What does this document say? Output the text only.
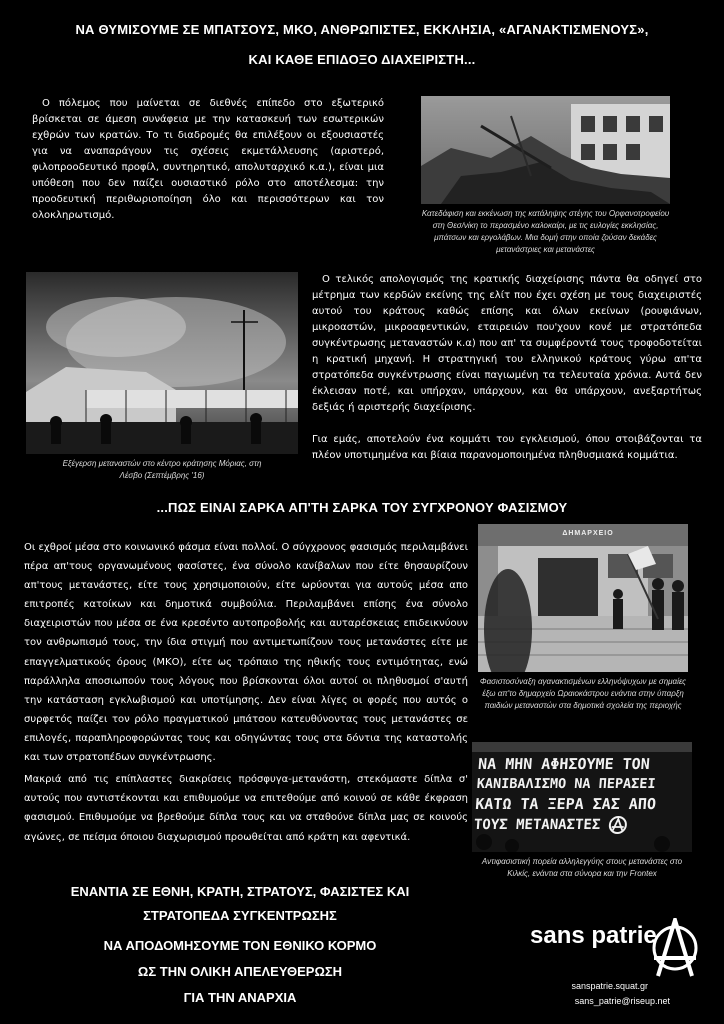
ΝΑ ΘΥΜΙΣΟΥΜΕ ΣΕ ΜΠΑΤΣΟΥΣ, ΜΚΟ, ΑΝΘΡΩΠΙΣΤΕΣ, ΕΚΚΛΗΣΙΑ, «ΑΓΑΝΑΚΤΙΣΜΕΝΟΥΣ»,
ΚΑΙ ΚΑΘΕ ΕΠΙΔΟΞΟ ΔΙΑΧΕΙΡΙΣΤΗ...
Ο πόλεμος που μαίνεται σε διεθνές επίπεδο στο εξωτερικό βρίσκεται σε άμεση συνάφεια με την κατασκευή των εσωτερικών εχθρών των κρατών. Το τι διαδρομές θα επιλέξουν οι εξουσιαστές για να αναπαράγουν τις σχέσεις εκμετάλλευσης (αριστερό, φιλοπροοδευτικό προφίλ, συντηρητικό, απολυταρχικό κ.α.), είναι μια υπόθεση που δεν παίζει ουσιαστικό ρόλο στο αποτέλεσμα: την προοδευτική περιθωριοποίηση όλο και περισσότερων και τον ολοκληρωτισμό.	Κατεδάφιση και εκκένωση της κατάληψης στέγης του Ορφανοτροφείου στη Θεσ/νίκη το περασμένο καλοκαίρι, με τις ευλογίες εκκλησίας, μπάτσων και εργολάβων. Μια δομή στην οποία ζούσαν δεκάδες μετανάστριες και μετανάστες
Εξέγερση μεταναστών στο κέντρο κράτησης Μόριας, στη
Λέσβο (Σεπτέμβρης '16)
Ο τελικός απολογισμός της κρατικής διαχείρισης πάντα θα οδηγεί στο μέτρημα των κερδών εκείνης της ελίτ που έχει σχέση με τους διαχειριστές αυτού του κράτους καθώς επίσης και όλων εκείνων (ρουφιάνων, μικροαστών, μικροαφεντικών, εταιρειών που'χουν κονέ με στρατόπεδα συγκέντρωσης μεταναστών κ.α) που απ' τα συμφέροντά τους τροφοδοτείται η κρατική μηχανή. Η στρατηγική του ελληνικού κράτους γύρω απ'τα στρατόπεδα συγκέντρωσης είναι παγιωμένη τα τελευταία χρόνια. Αυτά δεν έκλεισαν ποτέ, και υπήρχαν, υπάρχουν, και θα υπάρχουν, ανεξαρτήτως δεξιάς ή αριστερής διαχείρισης.
Για εμάς, αποτελούν ένα κομμάτι του εγκλεισμού, όπου στοιβάζονται τα πλέον υποτιμημένα και βίαια παρανομοποιημένα πληθυσμιακά κομμάτια.
...ΠΩΣ ΕΙΝΑΙ ΣΑΡΚΑ ΑΠ'ΤΗ ΣΑΡΚΑ ΤΟΥ ΣΥΓΧΡΟΝΟΥ ΦΑΣΙΣΜΟΥ
Οι εχθροί μέσα στο κοινωνικό φάσμα είναι πολλοί. Ο σύγχρονος φασισμός περιλαμβάνει πέρα απ'τους οργανωμένους φασίστες, ένα σύνολο κανίβαλων που είτε θησαυρίζουν απ'τους μετανάστες, είτε τους χρησιμοποιούν, είτε ωρύονται για αυτούς μέσα απο επιτροπές κατοίκων και δημοτικά συμβούλια. Περιλαμβάνει επίσης ένα σύνολο διαχειριστών που μέσα σε ένα κρεσέντο αυτοπροβολής και αυταρέσκειας επιδεικνύουν τον ανθρωπισμό τους, την ίδια στιγμή που αντιμετωπίζουν τους μετανάστες είτε με επαγγελματικούς όρους (ΜΚΟ), είτε ως τρόπαιο της ηθικής τους εντιμότητας, ενώ παράλληλα αποσιωπούν τους λόγους που βρίσκονται όλοι αυτοί οι πληθυσμοί σ'αυτή την κατάσταση εγκλωβισμού και υποτίμησης. Δεν είναι λίγες οι φορές που αυτός ο συρφετός παίζει τον ρόλο πραγματικού μπάτσου κατευθύνοντας τους μετανάστες σε επιλογές, παραπληροφορώντας τους και οδηγώντας τους στα δόντια της καταστολής και των στρατοπέδων συγκέντρωσης.
Μακριά από τις επίπλαστες διακρίσεις πρόσφυγα-μετανάστη, στεκόμαστε δίπλα σ' αυτούς που αντιστέκονται και επιθυμούμε να επιτεθούμε από κοινού σε κάθε έκφραση φασισμού. Επιθυμούμε να βρεθούμε δίπλα τους και να σταθούνε δίπλα μας σε κοινούς αγώνες, σε πείσμα όποιου διαχωρισμού προωθείται από κράτη και αφεντικά.
ΔΗΜΑΡΧΕΙΟ
Φασιστοσύναξη αγανακτισμένων ελληνόψυχων με σημαίες έξω απ'το δημαρχείο Ωραιοκάστρου ενάντια στην ύπαρξη παιδιών μεταναστών στα δημοτικά σχολεία της περιοχής
ΝΑ ΜΗΝ ΑΦΗΣΟΥΜΕ ΤΟΝ
ΚΑΝΙΒΑΛΙΣΜΟ ΝΑ ΠΕΡΑΣΕΙ
ΚΑΤΩ ΤΑ ΞΕΡΑ ΣΑΣ ΑΠΟ
ΤΟΥΣ ΜΕΤΑΝΑΣΤΕΣ
Αντιφασιστική πορεία αλληλεγγύης στους μετανάστες στο Κιλκίς, ενάντια στα σύνορα και την Frontex
ΕΝΑΝΤΙΑ ΣΕ ΕΘΝΗ, ΚΡΑΤΗ, ΣΤΡΑΤΟΥΣ, ΦΑΣΙΣΤΕΣ ΚΑΙ
ΣΤΡΑΤΟΠΕΔΑ ΣΥΓΚΕΝΤΡΩΣΗΣ
ΝΑ ΑΠΟΔΟΜΗΣΟΥΜΕ ΤΟΝ ΕΘΝΙΚΟ ΚΟΡΜΟ
ΩΣ ΤΗΝ ΟΛΙΚΗ ΑΠΕΛΕΥΘΕΡΩΣΗ
ΓΙΑ ΤΗΝ ΑΝΑΡΧΙΑ
sans patrie
sanspatrie.squat.gr
sans_patrie@riseup.net
